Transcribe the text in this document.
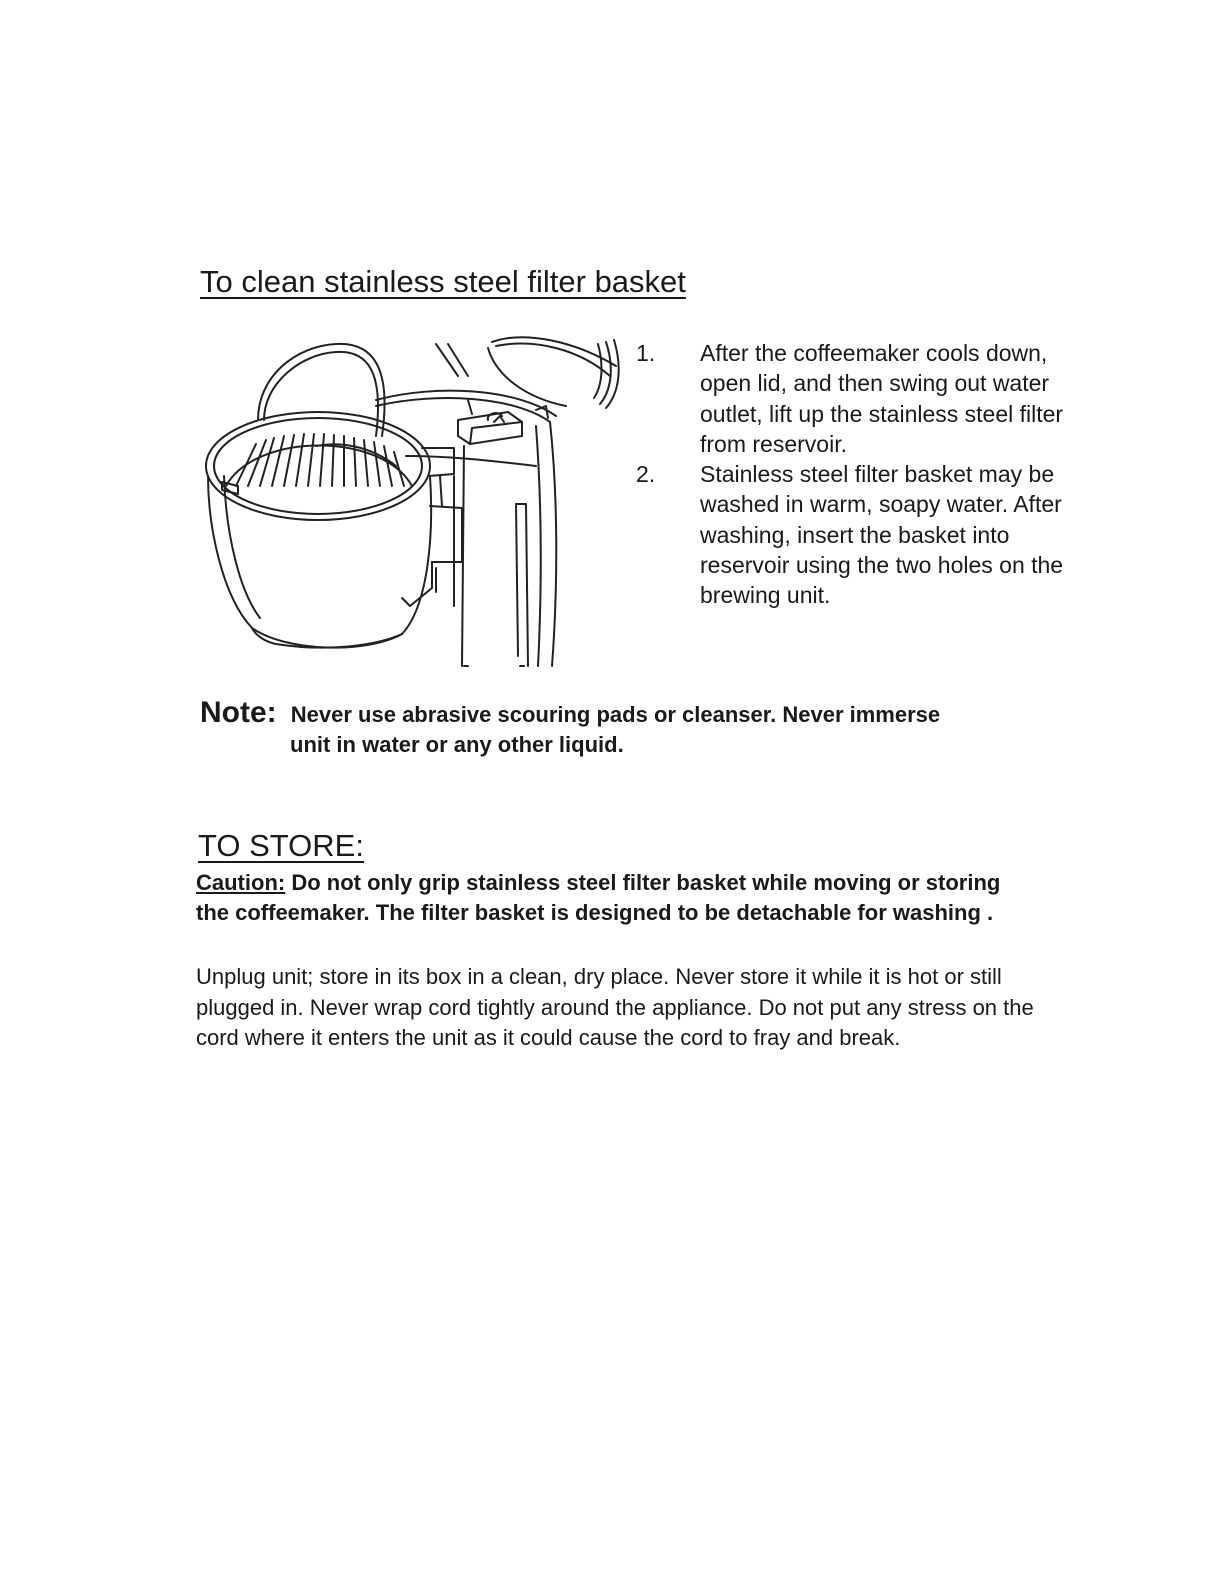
To clean stainless steel filter basket
1.	After the coffeemaker cools down, open lid, and then swing out water outlet, lift up the stainless steel filter from reservoir.
2.	Stainless steel filter basket may be washed in warm, soapy water. After washing, insert the basket into reservoir using the two holes on the brewing unit.
Note: Never use abrasive scouring pads or cleanser. Never immerse
unit in water or any other liquid.
TO STORE:
Caution: Do not only grip stainless steel filter basket while moving or storing the coffeemaker. The filter basket is designed to be detachable for washing .
Unplug unit; store in its box in a clean, dry place. Never store it while it is hot or still plugged in. Never wrap cord tightly around the appliance. Do not put any stress on the cord where it enters the unit as it could cause the cord to fray and break.
